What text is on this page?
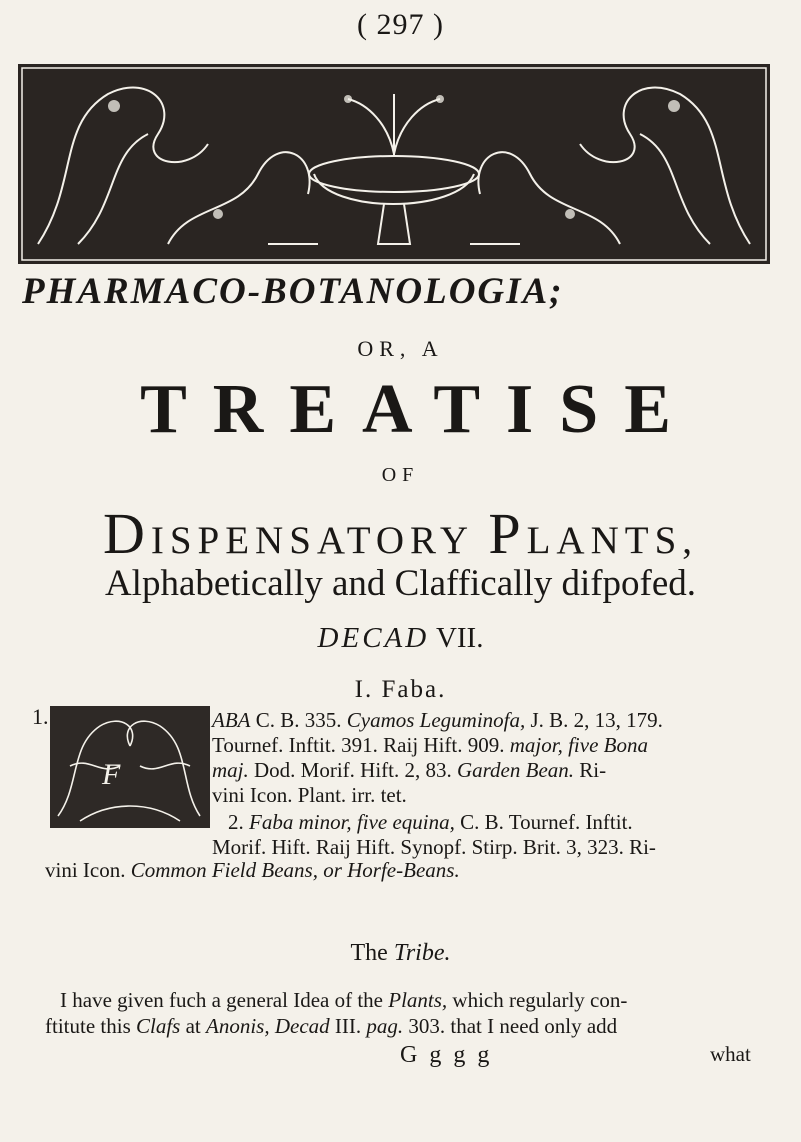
( 297 )
PHARMACO-BOTANOLOGIA;
OR, A
TREATISE
OF
DISPENSATORY PLANTS,
Alphabetically and Claffically difpofed.
DECAD VII.
I. Faba.
1.
F
ABA C. B. 335. Cyamos Leguminofa, J. B. 2, 13, 179.
Tournef. Inftit. 391. Raij Hift. 909. major, five Bona
maj. Dod. Morif. Hift. 2, 83. Garden Bean. Ri-
vini Icon. Plant. irr. tet.
2. Faba minor, five equina, C. B. Tournef. Inftit.
Morif. Hift. Raij Hift. Synopf. Stirp. Brit. 3, 323. Ri-
vini Icon. Common Field Beans, or Horfe-Beans.
The Tribe.
I have given fuch a general Idea of the Plants, which regularly con-
ftitute this Clafs at Anonis, Decad III. pag. 303. that I need only add
G g g g	what
